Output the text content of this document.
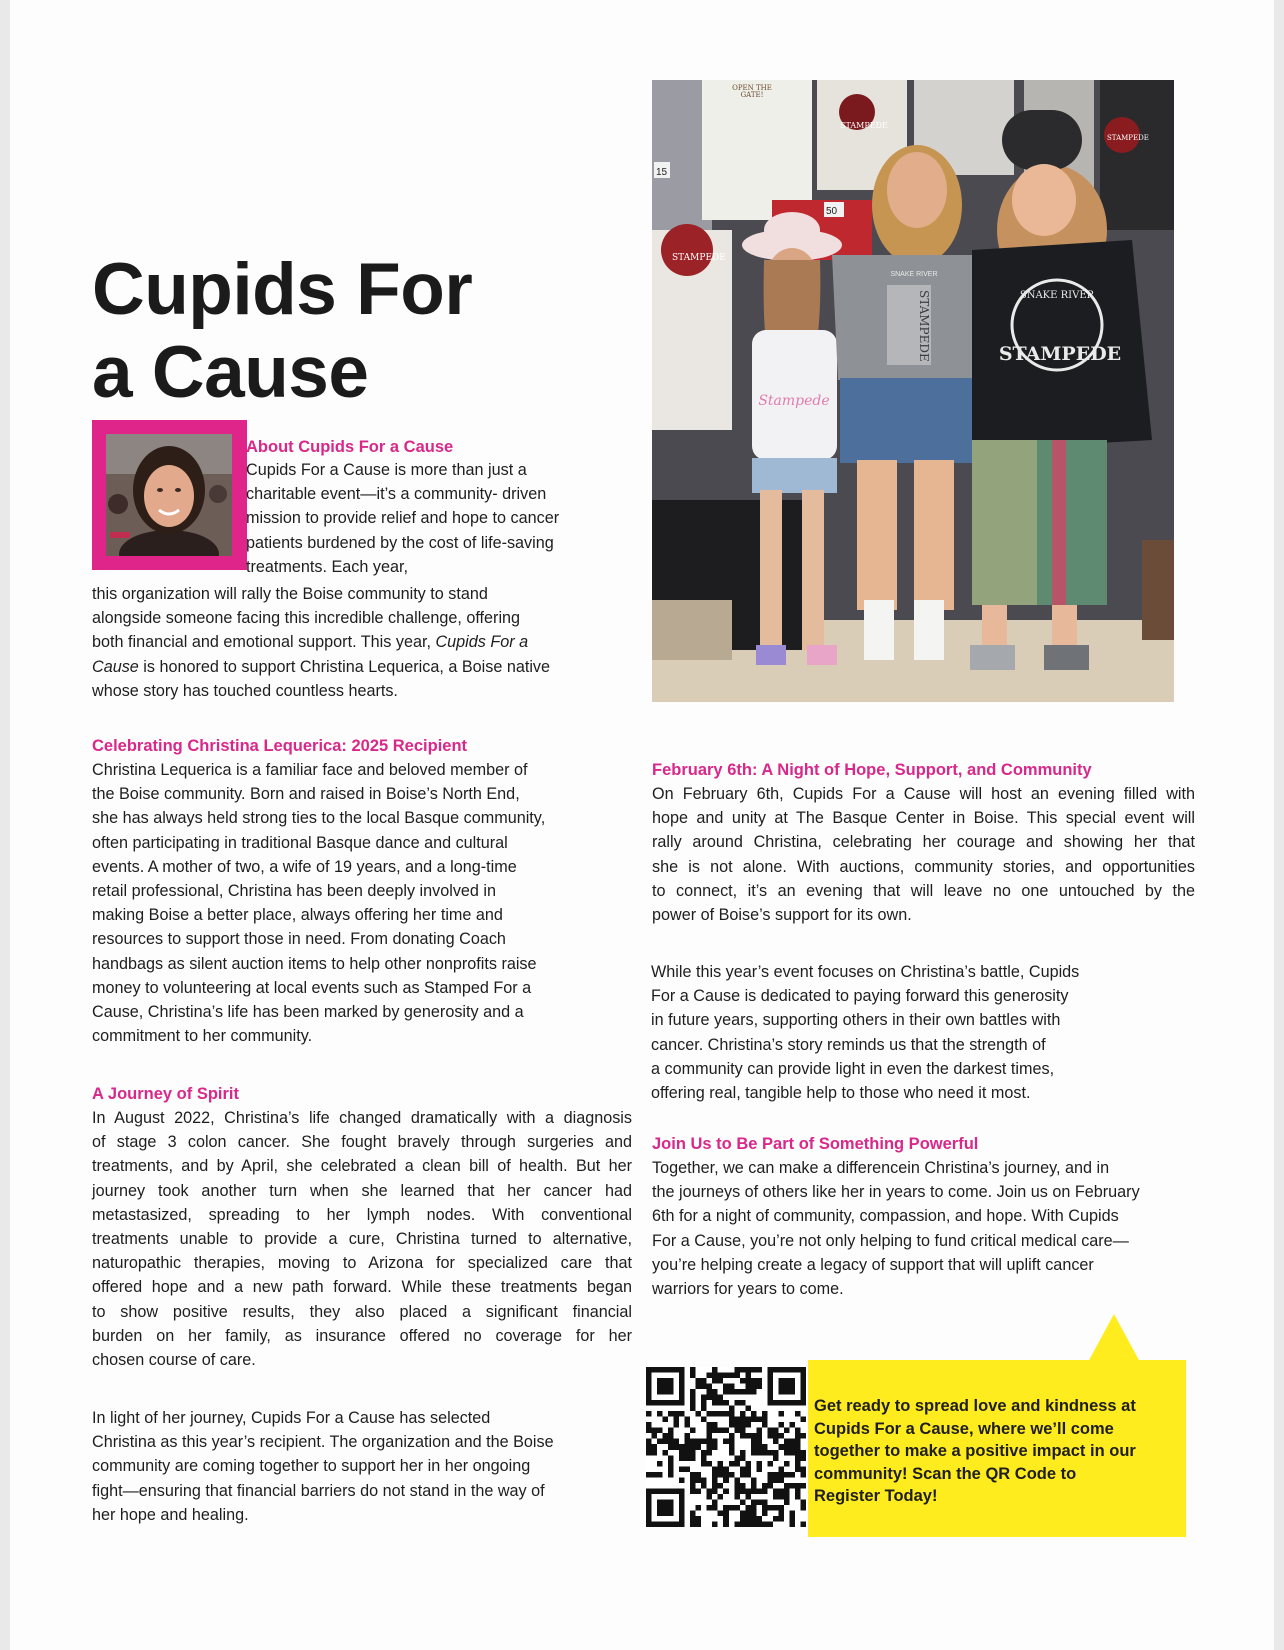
Cupids For
a Cause
About Cupids For a Cause

Cupids For a Cause is more than just a
charitable event—it’s a community- driven
mission to provide relief and hope to cancer
patients burdened by the cost of life-saving
treatments. Each year,

this organization will rally the Boise community to stand
alongside someone facing this incredible challenge, offering
both financial and emotional support. This year, Cupids For a
Cause is honored to support Christina Lequerica, a Boise native
whose story has touched countless hearts.

Celebrating Christina Lequerica: 2025 Recipient

Christina Lequerica is a familiar face and beloved member of
the Boise community. Born and raised in Boise’s North End,
she has always held strong ties to the local Basque community,
often participating in traditional Basque dance and cultural
events. A mother of two, a wife of 19 years, and a long-time
retail professional, Christina has been deeply involved in
making Boise a better place, always offering her time and
resources to support those in need. From donating Coach
handbags as silent auction items to help other nonprofits raise
money to volunteering at local events such as Stamped For a
Cause, Christina’s life has been marked by generosity and a
commitment to her community.

A Journey of Spirit

In August 2022, Christina’s life changed dramatically with a diagnosis
of stage 3 colon cancer. She fought bravely through surgeries and
treatments, and by April, she celebrated a clean bill of health. But her
journey took another turn when she learned that her cancer had
metastasized, spreading to her lymph nodes. With conventional
treatments unable to provide a cure, Christina turned to alternative,
naturopathic therapies, moving to Arizona for specialized care that
offered hope and a new path forward. While these treatments began
to show positive results, they also placed a significant financial
burden on her family, as insurance offered no coverage for her
chosen course of care.

In light of her journey, Cupids For a Cause has selected
Christina as this year’s recipient. The organization and the Boise
community are coming together to support her in her ongoing
fight—ensuring that financial barriers do not stand in the way of
her hope and healing.

OPEN THE
GATE!
STAMPEDE
STAMPEDE
STAMPEDE
15
50
Stampede
SNAKE RIVER
STAMPEDE	SNAKE RIVER
STAMPEDE
February 6th: A Night of Hope, Support, and Community

On February 6th, Cupids For a Cause will host an evening filled with
hope and unity at The Basque Center in Boise. This special event will
rally around Christina, celebrating her courage and showing her that
she is not alone. With auctions, community stories, and opportunities
to connect, it’s an evening that will leave no one untouched by the
power of Boise’s support for its own.

While this year’s event focuses on Christina’s battle, Cupids
For a Cause is dedicated to paying forward this generosity
in future years, supporting others in their own battles with
cancer. Christina’s story reminds us that the strength of
a community can provide light in even the darkest times,
offering real, tangible help to those who need it most.

Join Us to Be Part of Something Powerful

Together, we can make a differencein Christina’s journey, and in
the journeys of others like her in years to come. Join us on February
6th for a night of community, compassion, and hope. With Cupids
For a Cause, you’re not only helping to fund critical medical care—
you’re helping create a legacy of support that will uplift cancer
warriors for years to come.

Get ready to spread love and kindness at
Cupids For a Cause, where we’ll come
together to make a positive impact in our
community! Scan the QR Code to
Register Today!
